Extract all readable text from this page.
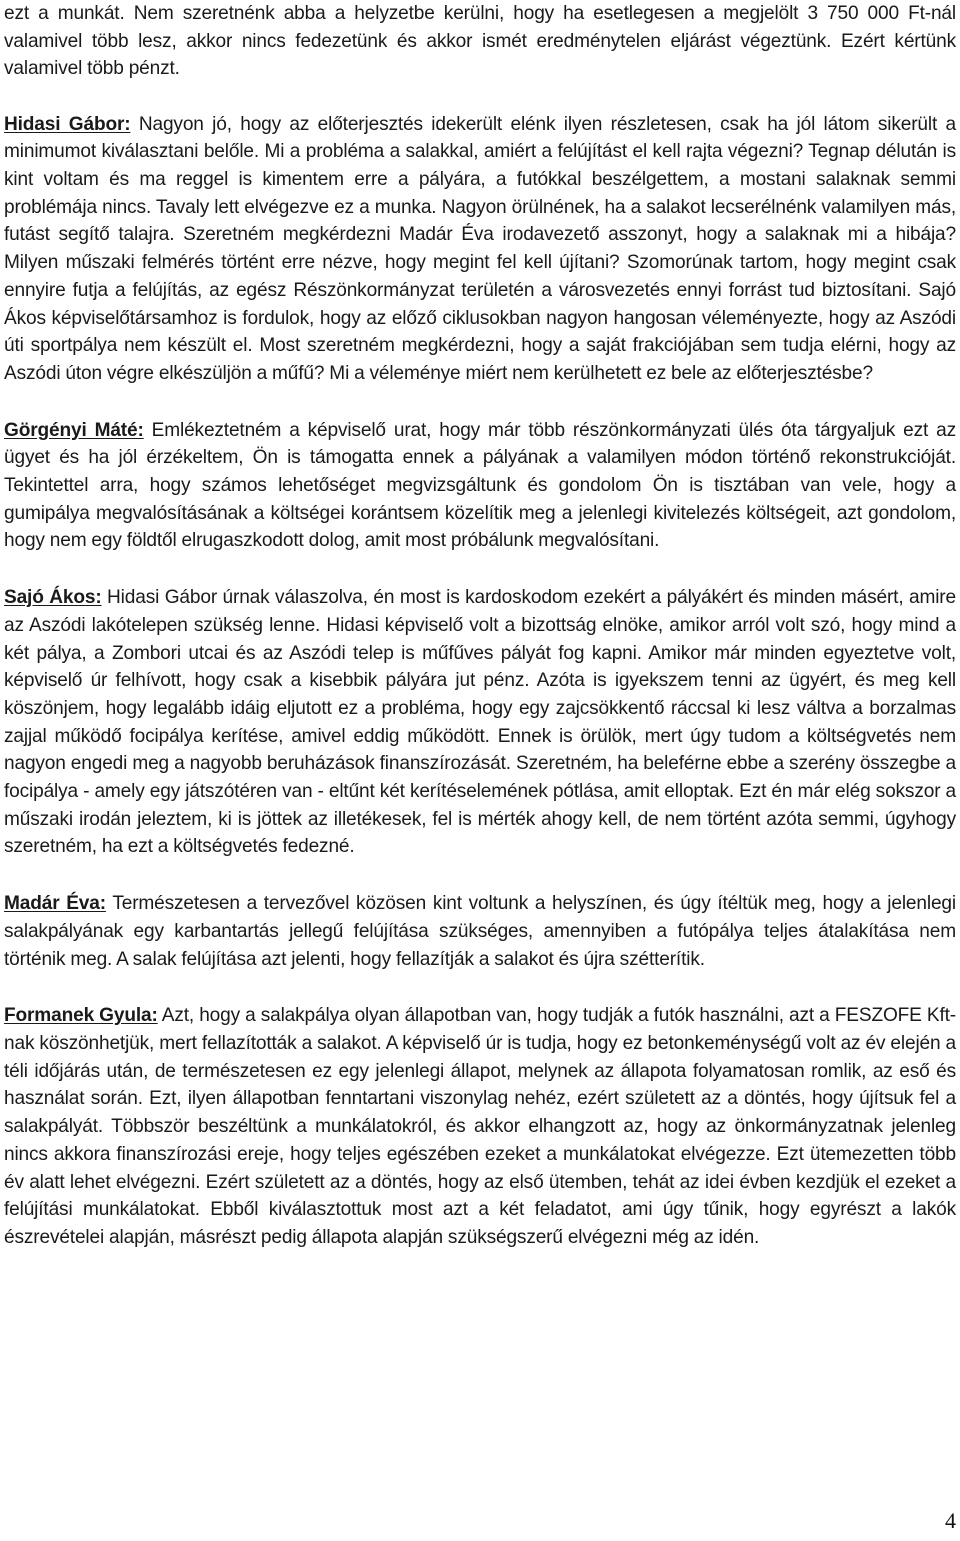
ezt a munkát. Nem szeretnénk abba a helyzetbe kerülni, hogy ha esetlegesen a megjelölt 3 750 000 Ft-nál valamivel több lesz, akkor nincs fedezetünk és akkor ismét eredménytelen eljárást végeztünk. Ezért kértünk valamivel több pénzt.

Hidasi Gábor: Nagyon jó, hogy az előterjesztés idekerült elénk ilyen részletesen, csak ha jól látom sikerült a minimumot kiválasztani belőle. Mi a probléma a salakkal, amiért a felújítást el kell rajta végezni? Tegnap délután is kint voltam és ma reggel is kimentem erre a pályára, a futókkal beszélgettem, a mostani salaknak semmi problémája nincs. Tavaly lett elvégezve ez a munka. Nagyon örülnének, ha a salakot lecserélnénk valamilyen más, futást segítő talajra. Szeretném megkérdezni Madár Éva irodavezető asszonyt, hogy a salaknak mi a hibája? Milyen műszaki felmérés történt erre nézve, hogy megint fel kell újítani? Szomorúnak tartom, hogy megint csak ennyire futja a felújítás, az egész Részönkormányzat területén a városvezetés ennyi forrást tud biztosítani. Sajó Ákos képviselőtársamhoz is fordulok, hogy az előző ciklusokban nagyon hangosan véleményezte, hogy az Aszódi úti sportpálya nem készült el. Most szeretném megkérdezni, hogy a saját frakciójában sem tudja elérni, hogy az Aszódi úton végre elkészüljön a műfű? Mi a véleménye miért nem kerülhetett ez bele az előterjesztésbe?

Görgényi Máté: Emlékeztetném a képviselő urat, hogy már több részönkormányzati ülés óta tárgyaljuk ezt az ügyet és ha jól érzékeltem, Ön is támogatta ennek a pályának a valamilyen módon történő rekonstrukcióját. Tekintettel arra, hogy számos lehetőséget megvizsgáltunk és gondolom Ön is tisztában van vele, hogy a gumipálya megvalósításának a költségei korántsem közelítik meg a jelenlegi kivitelezés költségeit, azt gondolom, hogy nem egy földtől elrugaszkodott dolog, amit most próbálunk megvalósítani.

Sajó Ákos: Hidasi Gábor úrnak válaszolva, én most is kardoskodom ezekért a pályákért és minden másért, amire az Aszódi lakótelepen szükség lenne. Hidasi képviselő volt a bizottság elnöke, amikor arról volt szó, hogy mind a két pálya, a Zombori utcai és az Aszódi telep is műfűves pályát fog kapni. Amikor már minden egyeztetve volt, képviselő úr felhívott, hogy csak a kisebbik pályára jut pénz. Azóta is igyekszem tenni az ügyért, és meg kell köszönjem, hogy legalább idáig eljutott ez a probléma, hogy egy zajcsökkentő ráccsal ki lesz váltva a borzalmas zajjal működő focipálya kerítése, amivel eddig működött. Ennek is örülök, mert úgy tudom a költségvetés nem nagyon engedi meg a nagyobb beruházások finanszírozását. Szeretném, ha beleférne ebbe a szerény összegbe a focipálya - amely egy játszótéren van - eltűnt két kerítéselemének pótlása, amit elloptak. Ezt én már elég sokszor a műszaki irodán jeleztem, ki is jöttek az illetékesek, fel is mérték ahogy kell, de nem történt azóta semmi, úgyhogy szeretném, ha ezt a költségvetés fedezné.

Madár Éva: Természetesen a tervezővel közösen kint voltunk a helyszínen, és úgy ítéltük meg, hogy a jelenlegi salakpályának egy karbantartás jellegű felújítása szükséges, amennyiben a futópálya teljes átalakítása nem történik meg. A salak felújítása azt jelenti, hogy fellazítják a salakot és újra szétterítik.

Formanek Gyula: Azt, hogy a salakpálya olyan állapotban van, hogy tudják a futók használni, azt a FESZOFE Kft-nak köszönhetjük, mert fellazították a salakot. A képviselő úr is tudja, hogy ez betonkeménységű volt az év elején a téli időjárás után, de természetesen ez egy jelenlegi állapot, melynek az állapota folyamatosan romlik, az eső és használat során. Ezt, ilyen állapotban fenntartani viszonylag nehéz, ezért született az a döntés, hogy újítsuk fel a salakpályát. Többször beszéltünk a munkálatokról, és akkor elhangzott az, hogy az önkormányzatnak jelenleg nincs akkora finanszírozási ereje, hogy teljes egészében ezeket a munkálatokat elvégezze. Ezt ütemezetten több év alatt lehet elvégezni. Ezért született az a döntés, hogy az első ütemben, tehát az idei évben kezdjük el ezeket a felújítási munkálatokat. Ebből kiválasztottuk most azt a két feladatot, ami úgy tűnik, hogy egyrészt a lakók észrevételei alapján, másrészt pedig állapota alapján szükségszerű elvégezni még az idén.

4
